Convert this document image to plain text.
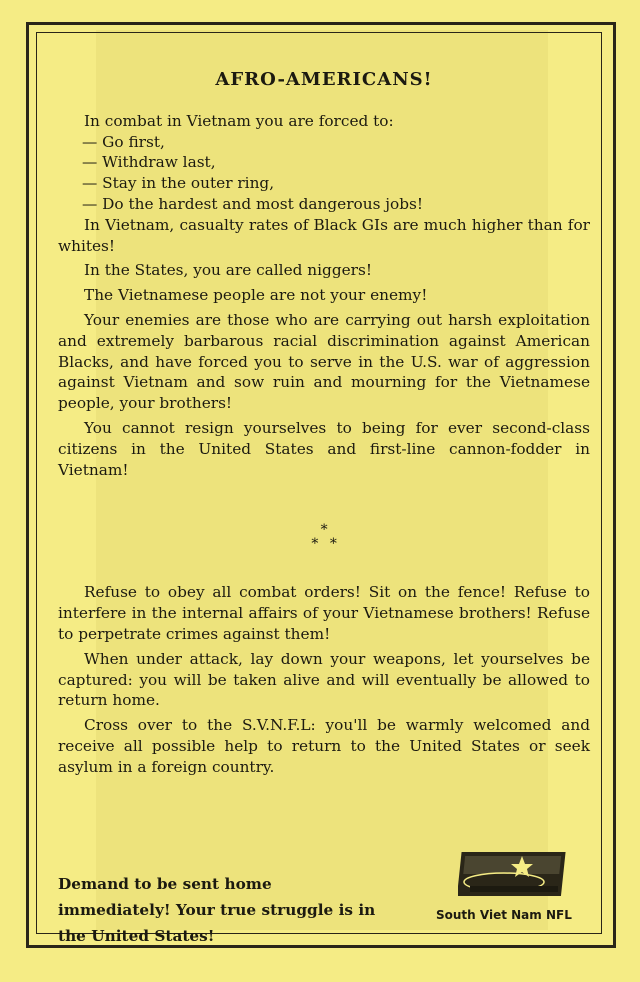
AFRO-AMERICANS!

In combat in Vietnam you are forced to:

— Go first,

— Withdraw last,

— Stay in the outer ring,

— Do the hardest and most dangerous jobs!

In Vietnam, casualty rates of Black GIs are much higher than for whites!

In the States, you are called niggers!

The Vietnamese people are not your enemy!

Your enemies are those who are carrying out harsh exploitation and extremely barbarous racial discrimination against American Blacks, and have forced you to serve in the U.S. war of aggression against Vietnam and sow ruin and mourning for the Vietnamese people, your brothers!

You cannot resign yourselves to being for ever second-class citizens in the United States and first-line cannon-fodder in Vietnam!

∗
∗  ∗

Refuse to obey all combat orders! Sit on the fence! Refuse to interfere in the internal affairs of your Vietnamese brothers! Refuse to perpetrate crimes against them!

When under attack, lay down your weapons, let yourselves be captured: you will be taken alive and will eventually be allowed to return home.

Cross over to the S.V.N.F.L: you'll be warmly welcomed and receive all possible help to return to the United States or seek asylum in a foreign country.

Demand to be sent home immediately! Your true struggle is in the United States!

South Viet Nam NFL
